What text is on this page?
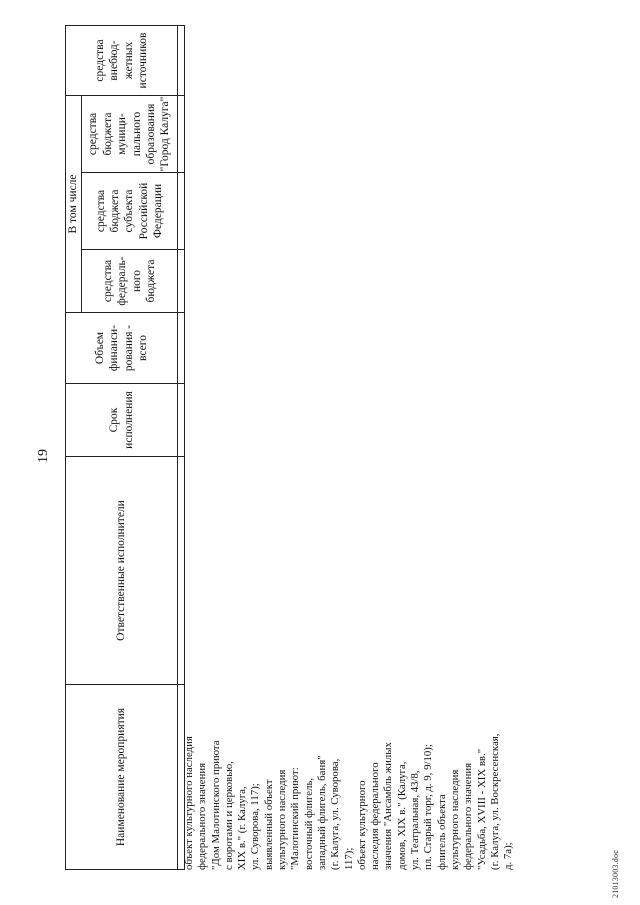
19
Наименование мероприятия	Ответственные исполнители	Срок исполнения	Объем финанси-рования - всего	В том числе			средства внебюд-жетных источников
				средства федераль-ного бюджета	средства бюджета субъекта Российской Федерации	средства бюджета муници-пального образования "Город Калуга"	

объект культурного наследия федерального значения "Дом Малотинского приюта с воротами и церковью, XIX в." (г. Калуга, ул. Суворова, 117); выявленный объект культурного наследия "Малотинский приют: восточный флигель, западный флигель, баня" (г. Калуга, ул. Суворова, 117); объект культурного наследия федерального значения "Ансамбль жилых домов, XIX в." (Калуга, ул. Театральная, 43/8, пл. Старый торг, д. 9, 9/10); флигель объекта культурного наследия федерального значения "Усадьба, XVIII - XIX вв." (г. Калуга, ул. Воскресенская, д. 7а);	21013003.doc
